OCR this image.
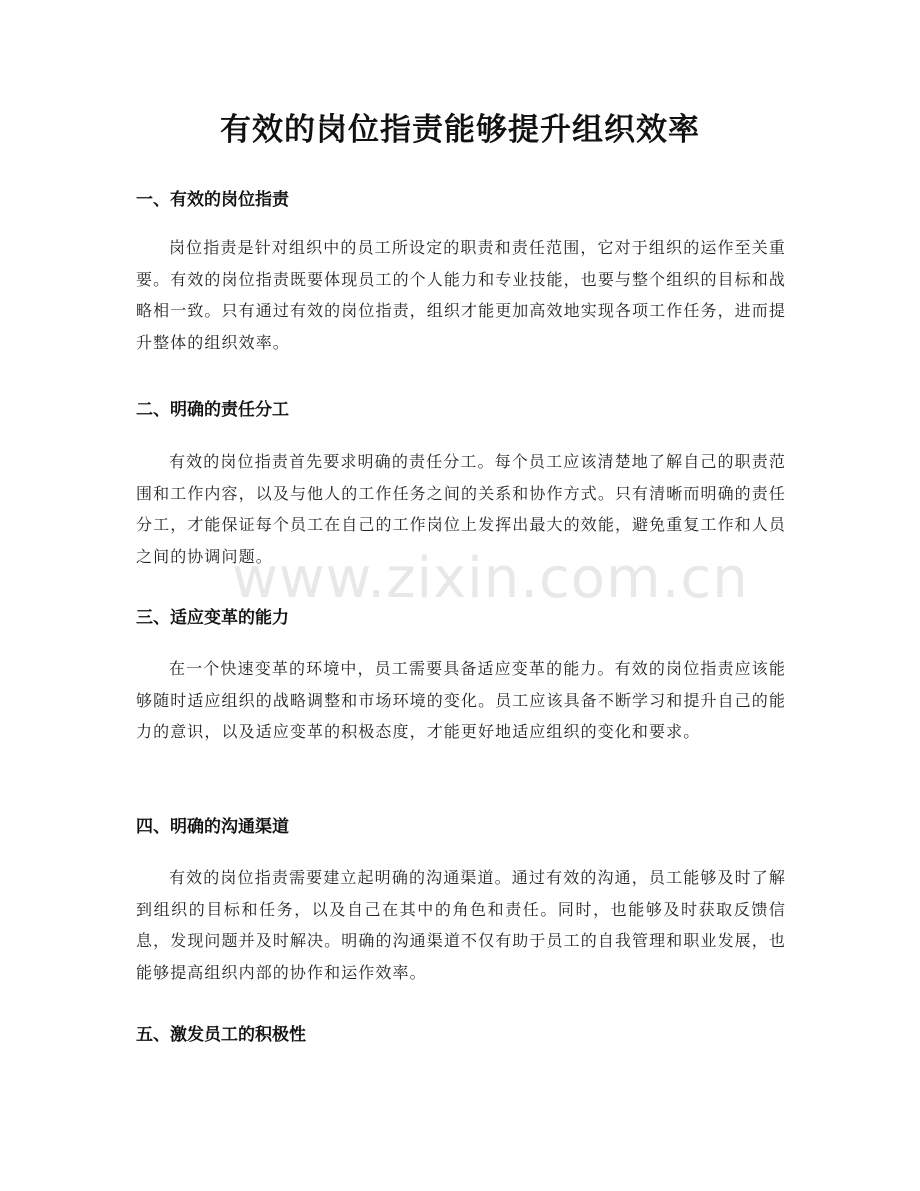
有效的岗位指责能够提升组织效率
一、有效的岗位指责

岗位指责是针对组织中的员工所设定的职责和责任范围，它对于组织的运作至关重要。有效的岗位指责既要体现员工的个人能力和专业技能，也要与整个组织的目标和战略相一致。只有通过有效的岗位指责，组织才能更加高效地实现各项工作任务，进而提升整体的组织效率。

二、明确的责任分工

有效的岗位指责首先要求明确的责任分工。每个员工应该清楚地了解自己的职责范围和工作内容，以及与他人的工作任务之间的关系和协作方式。只有清晰而明确的责任分工，才能保证每个员工在自己的工作岗位上发挥出最大的效能，避免重复工作和人员之间的协调问题。

三、适应变革的能力

在一个快速变革的环境中，员工需要具备适应变革的能力。有效的岗位指责应该能够随时适应组织的战略调整和市场环境的变化。员工应该具备不断学习和提升自己的能力的意识，以及适应变革的积极态度，才能更好地适应组织的变化和要求。

四、明确的沟通渠道

有效的岗位指责需要建立起明确的沟通渠道。通过有效的沟通，员工能够及时了解到组织的目标和任务，以及自己在其中的角色和责任。同时，也能够及时获取反馈信息，发现问题并及时解决。明确的沟通渠道不仅有助于员工的自我管理和职业发展，也能够提高组织内部的协作和运作效率。

五、激发员工的积极性
www.zixin.com.cn
